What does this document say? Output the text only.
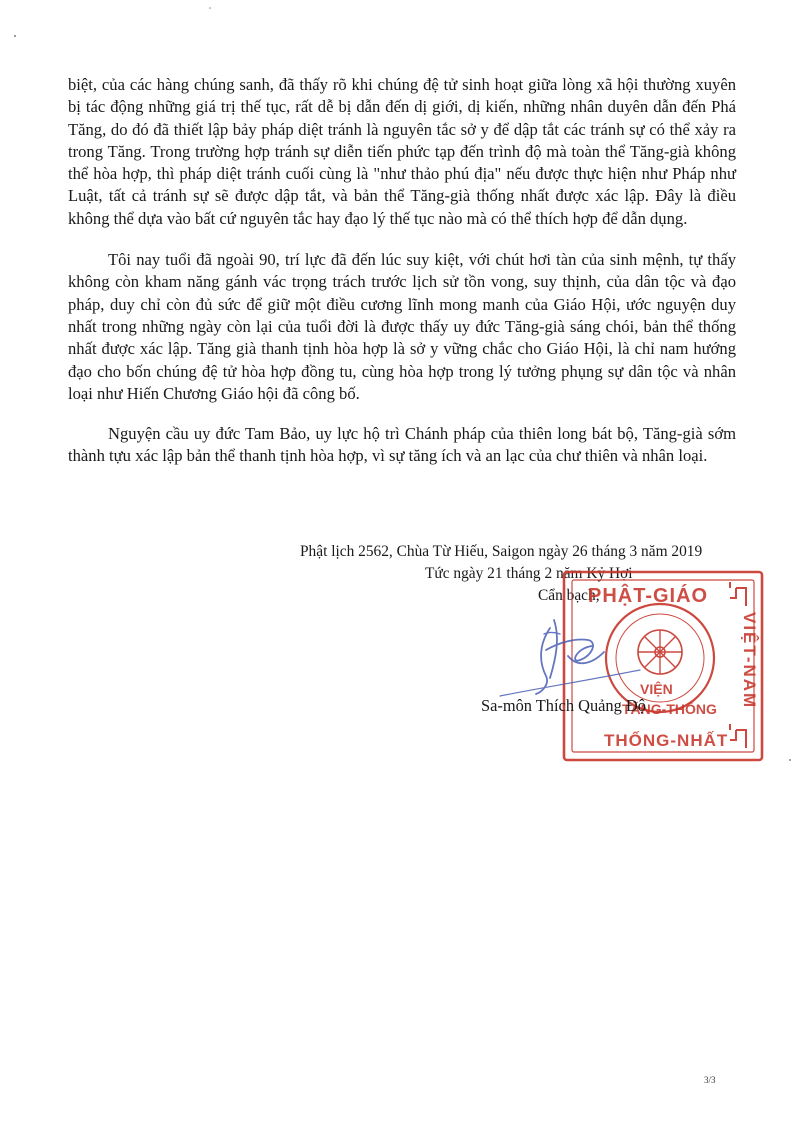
biệt, của các hàng chúng sanh, đã thấy rõ khi chúng đệ tử sinh hoạt giữa lòng xã hội thường xuyên bị tác động những giá trị thế tục, rất dễ bị dẫn đến dị giới, dị kiến, những nhân duyên dẫn đến Phá Tăng, do đó đã thiết lập bảy pháp diệt tránh là nguyên tắc sở y để dập tắt các tránh sự có thể xảy ra trong Tăng. Trong trường hợp tránh sự diễn tiến phức tạp đến trình độ mà toàn thể Tăng-già không thể hòa hợp, thì pháp diệt tránh cuối cùng là "như thảo phú địa" nếu được thực hiện như Pháp như Luật, tất cả tránh sự sẽ được dập tắt, và bản thể Tăng-già thống nhất được xác lập. Đây là điều không thể dựa vào bất cứ nguyên tắc hay đạo lý thế tục nào mà có thể thích hợp để dẫn dụng.

Tôi nay tuổi đã ngoài 90, trí lực đã đến lúc suy kiệt, với chút hơi tàn của sinh mệnh, tự thấy không còn kham năng gánh vác trọng trách trước lịch sử tồn vong, suy thịnh, của dân tộc và đạo pháp, duy chỉ còn đủ sức để giữ một điều cương lĩnh mong manh của Giáo Hội, ước nguyện duy nhất trong những ngày còn lại của tuổi đời là được thấy uy đức Tăng-già sáng chói, bản thể thống nhất được xác lập. Tăng già thanh tịnh hòa hợp là sở y vững chắc cho Giáo Hội, là chỉ nam hướng đạo cho bốn chúng đệ tử hòa hợp đồng tu, cùng hòa hợp trong lý tưởng phụng sự dân tộc và nhân loại như Hiến Chương Giáo hội đã công bố.

Nguyện cầu uy đức Tam Bảo, uy lực hộ trì Chánh pháp của thiên long bát bộ, Tăng-già sớm thành tựu xác lập bản thể thanh tịnh hòa hợp, vì sự tăng ích và an lạc của chư thiên và nhân loại.

Phật lịch 2562, Chùa Từ Hiếu, Saigon ngày 26 tháng 3 năm 2019
Tức ngày 21 tháng 2 năm Kỷ Hợi
Cẩn bạch,
PHẬT-GIÁO
THỐNG-NHẤT
VIỆT-NAM
VIỆN
TĂNG-THỐNG
Sa-môn Thích Quảng Độ
3/3
